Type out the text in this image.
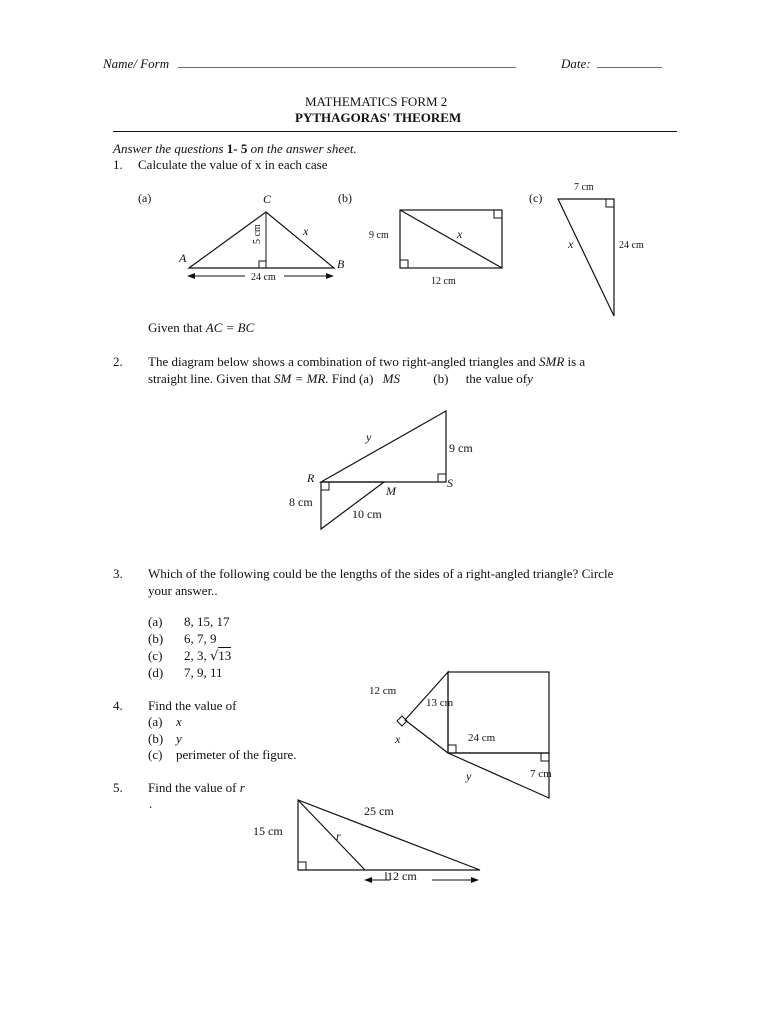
Name/ Form ____________________________________________________	Date: __________
MATHEMATICS FORM 2
PYTHAGORAS' THEOREM
Answer the questions 1- 5 on the answer sheet.
1. Calculate the value of x in each case
(a)	C
A	B
x
5 cm
24 cm
(b)
9 cm	x
12 cm
(c)
7 cm
24 cm
x
Given that AC = BC
2. The diagram below shows a combination of two right-angled triangles and SMR is a
straight line. Given that SM = MR. Find (a) MS	(b) the value ofy
y
9 cm
R	S
M
8 cm
10 cm
3. Which of the following could be the lengths of the sides of a right-angled triangle? Circle
your answer..
(a) 8, 15, 17
(b) 6, 7, 9
(c) 2, 3, √13
(d) 7, 9, 11
4. Find the value of
(a) x
(b) y
(c) perimeter of the figure.
12 cm
13 cm
x	24 cm
y	7 cm
5. Find the value of r
.	25 cm
15 cm	r
12 cm
